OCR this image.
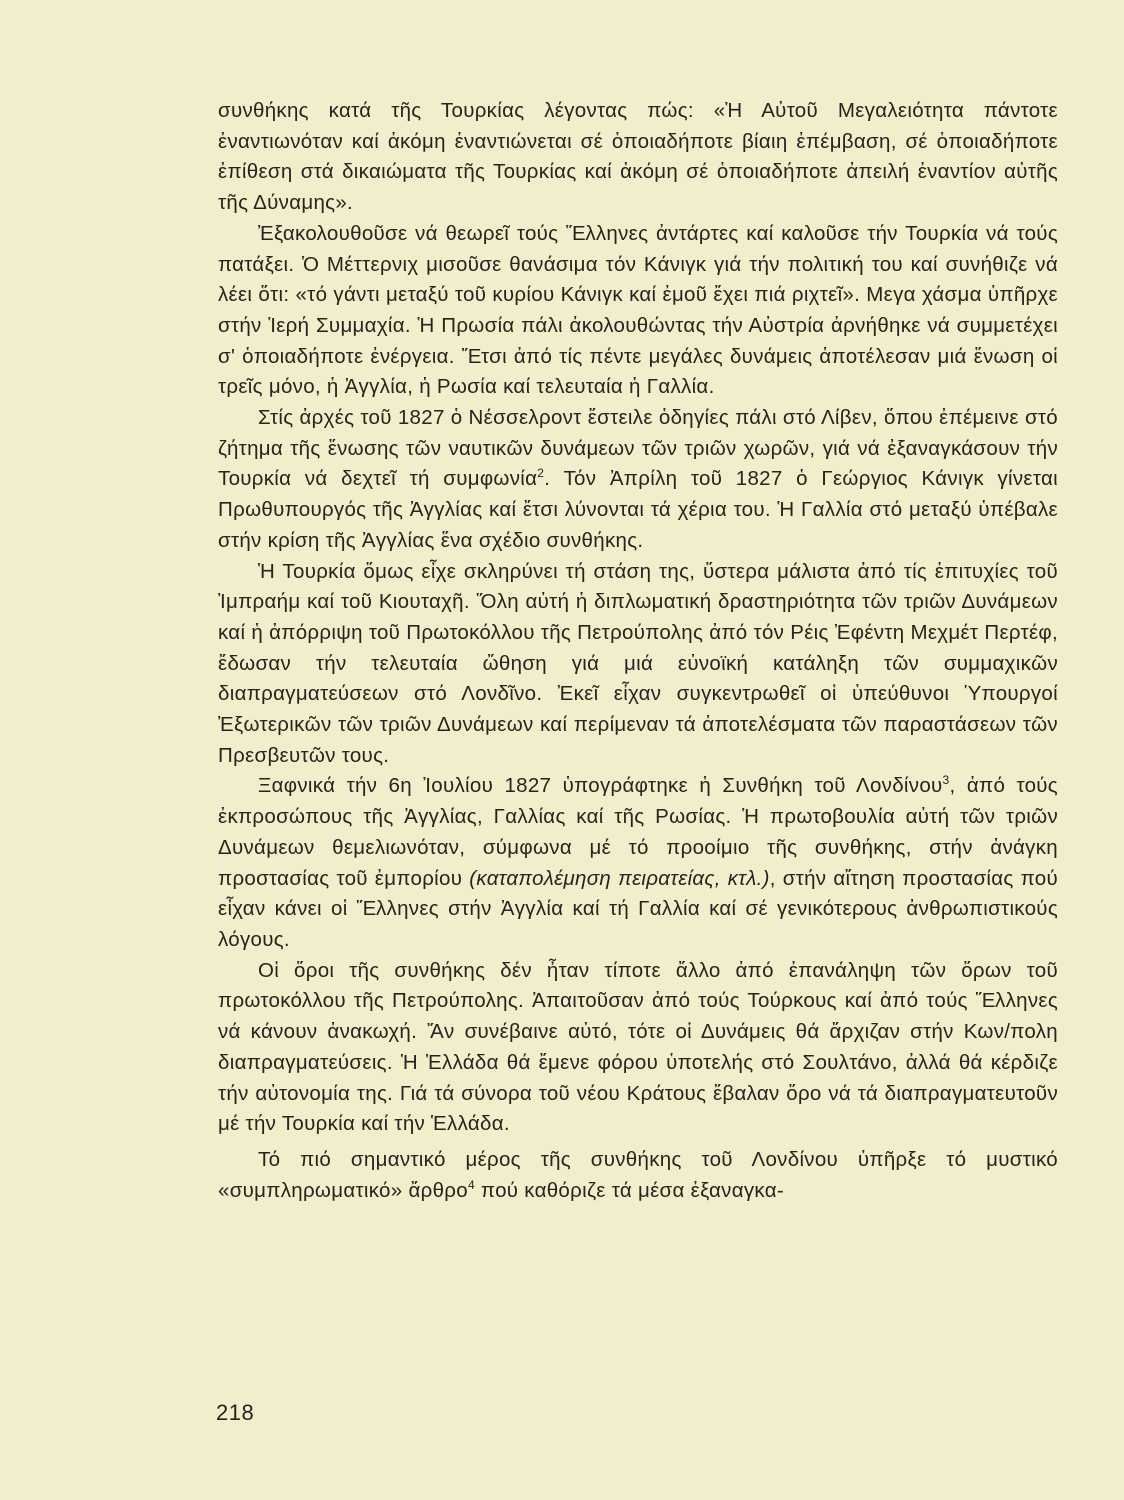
συνθήκης κατά τῆς Τουρκίας λέγοντας πώς: «Ἡ Αὐτοῦ Μεγαλειότητα πάντοτε ἐναντιωνόταν καί ἀκόμη ἐναντιώνεται σέ ὁποιαδήποτε βίαιη ἐπέμβαση, σέ ὁποιαδήποτε ἐπίθεση στά δικαιώματα τῆς Τουρκίας καί ἀκόμη σέ ὁποιαδήποτε ἀπειλή ἐναντίον αὐτῆς τῆς Δύναμης».

Ἐξακολουθοῦσε νά θεωρεῖ τούς Ἕλληνες ἀντάρτες καί καλοῦσε τήν Τουρκία νά τούς πατάξει. Ὁ Μέττερνιχ μισοῦσε θανάσιμα τόν Κάνιγκ γιά τήν πολιτική του καί συνήθιζε νά λέει ὅτι: «τό γάντι μεταξύ τοῦ κυρίου Κάνιγκ καί ἐμοῦ ἔχει πιά ριχτεῖ». Μεγα χάσμα ὑπῆρχε στήν Ἱερή Συμμαχία. Ἡ Πρωσία πάλι ἀκολουθώντας τήν Αὐστρία ἀρνήθηκε νά συμμετέχει σ' ὁποιαδήποτε ἐνέργεια. Ἔτσι ἀπό τίς πέντε μεγάλες δυνάμεις ἀποτέλεσαν μιά ἕνωση οἱ τρεῖς μόνο, ἡ Ἀγγλία, ἡ Ρωσία καί τελευταία ἡ Γαλλία.

Στίς ἀρχές τοῦ 1827 ὁ Νέσσελροντ ἔστειλε ὁδηγίες πάλι στό Λίβεν, ὅπου ἐπέμεινε στό ζήτημα τῆς ἕνωσης τῶν ναυτικῶν δυνάμεων τῶν τριῶν χωρῶν, γιά νά ἐξαναγκάσουν τήν Τουρκία νά δεχτεῖ τή συμφωνία$^2$. Τόν Ἀπρίλη τοῦ 1827 ὁ Γεώργιος Κάνιγκ γίνεται Πρωθυπουργός τῆς Ἀγγλίας καί ἔτσι λύνονται τά χέρια του. Ἡ Γαλλία στό μεταξύ ὑπέβαλε στήν κρίση τῆς Ἀγγλίας ἕνα σχέδιο συνθήκης.

Ἡ Τουρκία ὅμως εἶχε σκληρύνει τή στάση της, ὕστερα μάλιστα ἀπό τίς ἐπιτυχίες τοῦ Ἰμπραήμ καί τοῦ Κιουταχῆ. Ὅλη αὐτή ἡ διπλωματική δραστηριότητα τῶν τριῶν Δυνάμεων καί ἡ ἀπόρριψη τοῦ Πρωτοκόλλου τῆς Πετρούπολης ἀπό τόν Ρέις Ἐφέντη Μεχμέτ Περτέφ, ἔδωσαν τήν τελευταία ὤθηση γιά μιά εὐνοϊκή κατάληξη τῶν συμμαχικῶν διαπραγματεύσεων στό Λονδῖνο. Ἐκεῖ εἶχαν συγκεντρωθεῖ οἱ ὑπεύθυνοι Ὑπουργοί Ἐξωτερικῶν τῶν τριῶν Δυνάμεων καί περίμεναν τά ἀποτελέσματα τῶν παραστάσεων τῶν Πρεσβευτῶν τους.

Ξαφνικά τήν 6η Ἰουλίου 1827 ὑπογράφτηκε ἡ Συνθήκη τοῦ Λονδίνου$^3$, ἀπό τούς ἐκπροσώπους τῆς Ἀγγλίας, Γαλλίας καί τῆς Ρωσίας. Ἡ πρωτοβουλία αὐτή τῶν τριῶν Δυνάμεων θεμελιωνόταν, σύμφωνα μέ τό προοίμιο τῆς συνθήκης, στήν ἀνάγκη προστασίας τοῦ ἐμπορίου (καταπολέμηση πειρατείας, κτλ.), στήν αἴτηση προστασίας πού εἶχαν κάνει οἱ Ἕλληνες στήν Ἀγγλία καί τή Γαλλία καί σέ γενικότερους ἀνθρωπιστικούς λόγους.

Οἱ ὅροι τῆς συνθήκης δέν ἦταν τίποτε ἄλλο ἀπό ἐπανάληψη τῶν ὅρων τοῦ πρωτοκόλλου τῆς Πετρούπολης. Ἀπαιτοῦσαν ἀπό τούς Τούρκους καί ἀπό τούς Ἕλληνες νά κάνουν ἀνακωχή. Ἄν συνέβαινε αὐτό, τότε οἱ Δυνάμεις θά ἄρχιζαν στήν Κων/πολη διαπραγματεύσεις. Ἡ Ἑλλάδα θά ἔμενε φόρου ὑποτελής στό Σουλτάνο, ἀλλά θά κέρδιζε τήν αὐτονομία της. Γιά τά σύνορα τοῦ νέου Κράτους ἔβαλαν ὅρο νά τά διαπραγματευτοῦν μέ τήν Τουρκία καί τήν Ἑλλάδα.

Τό πιό σημαντικό μέρος τῆς συνθήκης τοῦ Λονδίνου ὑπῆρξε τό μυστικό «συμπληρωματικό» ἄρθρο$^4$ πού καθόριζε τά μέσα ἐξαναγκα-

218
